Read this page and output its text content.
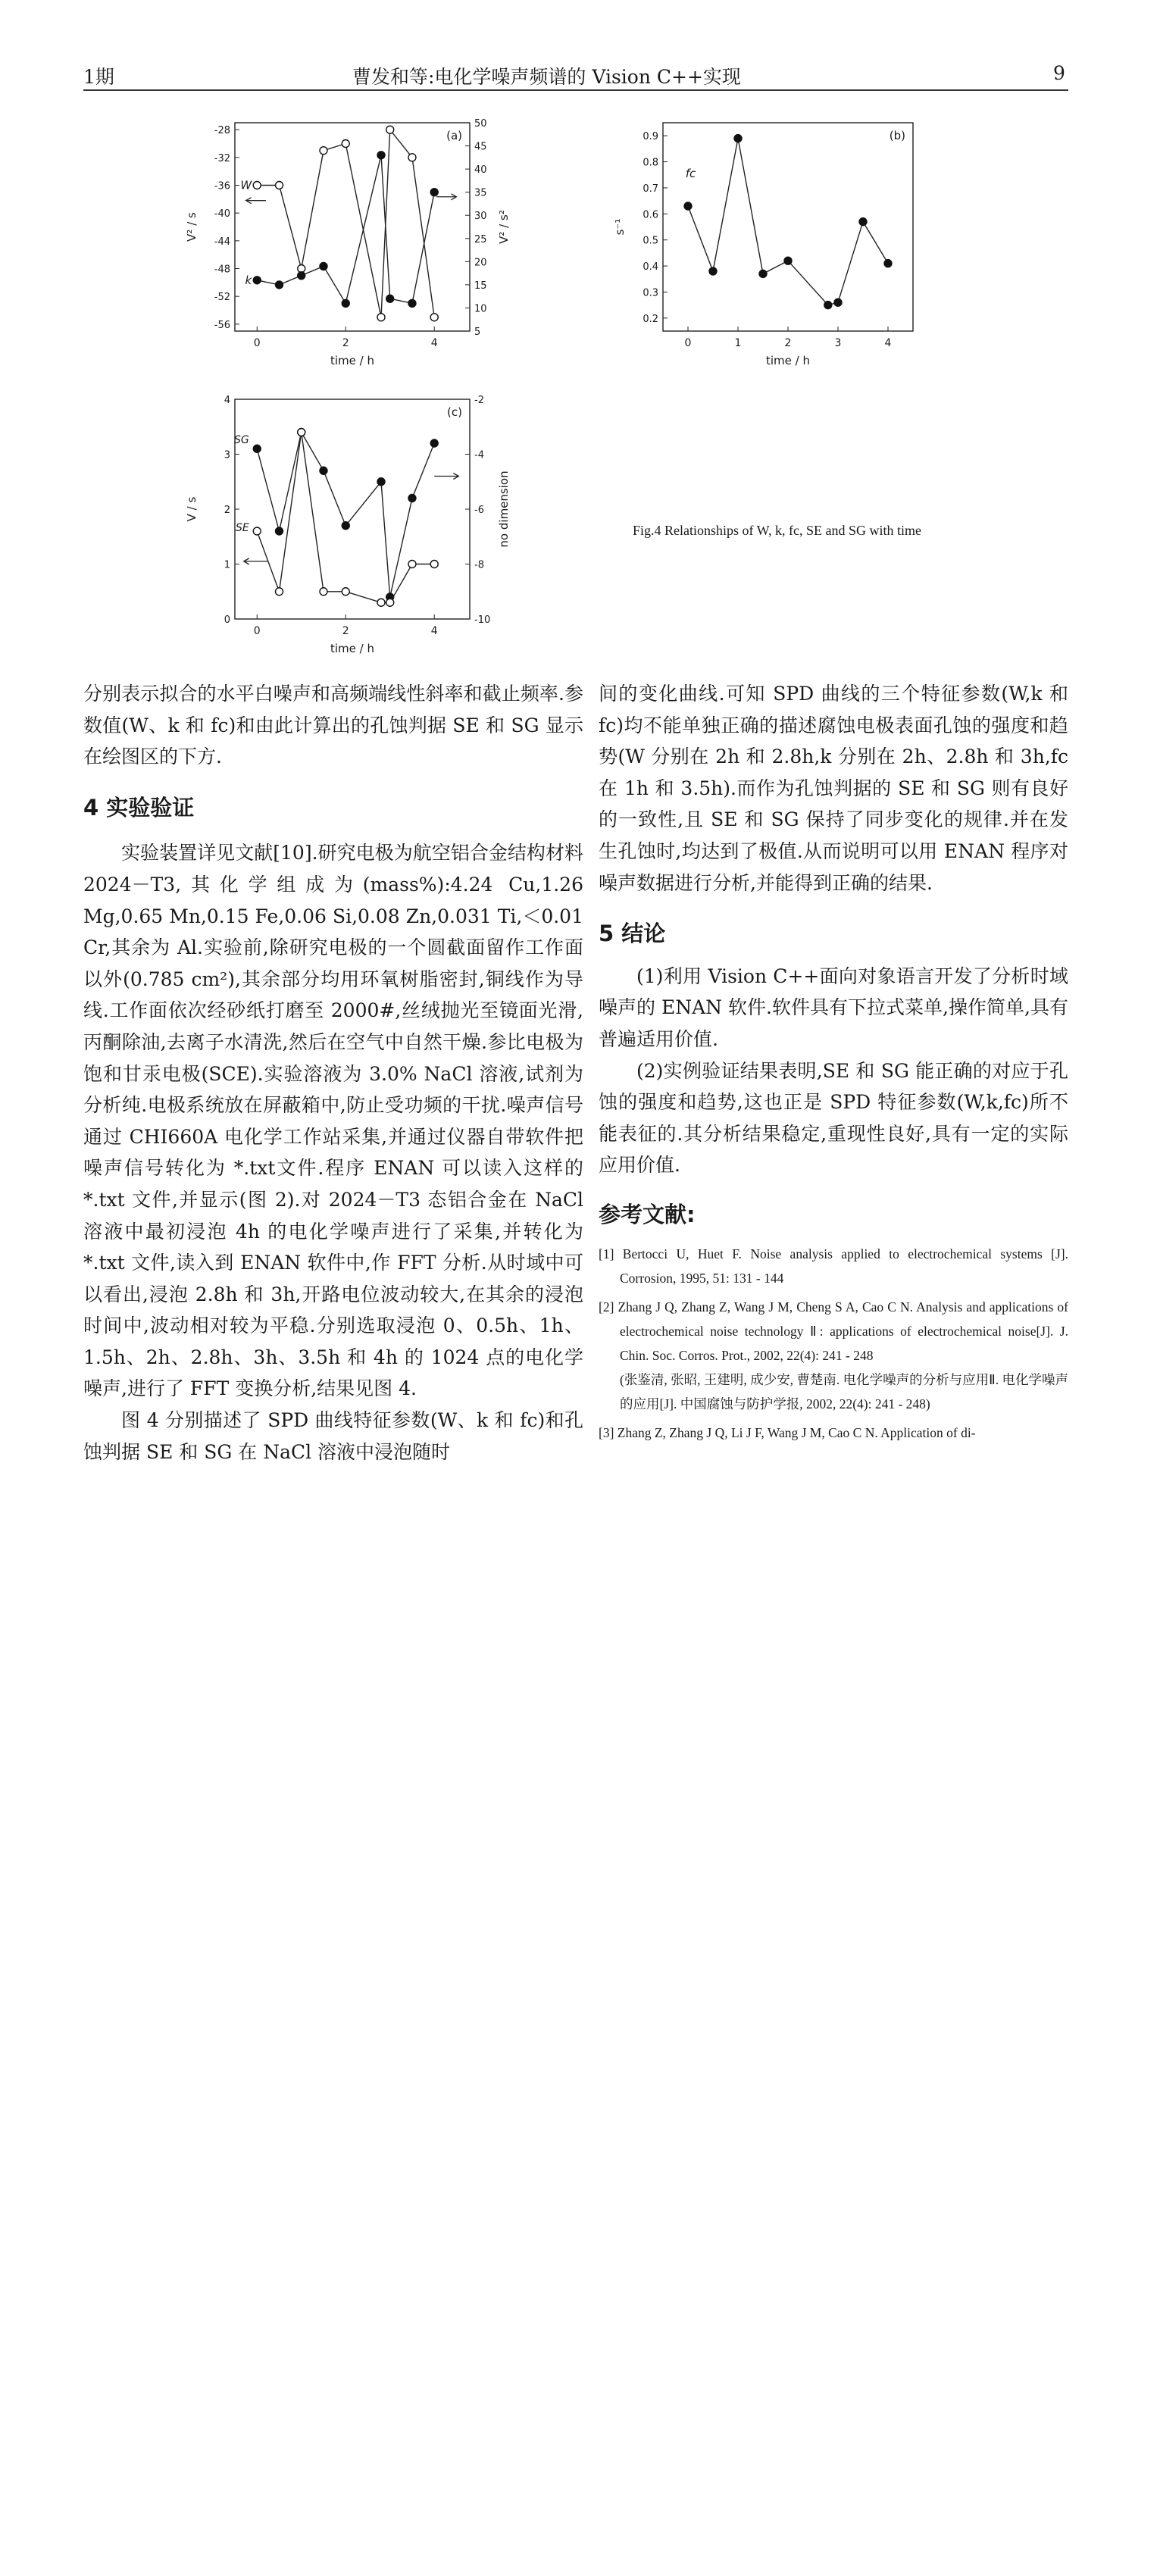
1期	曹发和等:电化学噪声频谱的 Vision C++实现	9
0	2	4
-28
-32
-36
-40
-44
-48
-52
-56
5
10
15
20
25
30
35
40
45
50
time / h
V² / s	V² / s²
(a)
W
k
0	1	2	3	4
0.2
0.3
0.4
0.5
0.6
0.7
0.8
0.9
time / h
s⁻¹
(b)
fc
0	2	4
0
1
2
3
4
-10
-8
-6
-4
-2
time / h
V / s	no dimension
(c)
SG
SE	Fig.4 Relationships of W, k, fc, SE and SG with time

分别表示拟合的水平白噪声和高频端线性斜率和截止频率.参数值(W、k 和 fc)和由此计算出的孔蚀判据 SE 和 SG 显示在绘图区的下方.

4 实验验证

实验装置详见文献[10].研究电极为航空铝合金结构材料 2024－T3,其化学组成为(mass%):4.24 Cu,1.26 Mg,0.65 Mn,0.15 Fe,0.06 Si,0.08 Zn,0.031 Ti,＜0.01 Cr,其余为 Al.实验前,除研究电极的一个圆截面留作工作面以外(0.785 cm²),其余部分均用环氧树脂密封,铜线作为导线.工作面依次经砂纸打磨至 2000#,丝绒抛光至镜面光滑,丙酮除油,去离子水清洗,然后在空气中自然干燥.参比电极为饱和甘汞电极(SCE).实验溶液为 3.0% NaCl 溶液,试剂为分析纯.电极系统放在屏蔽箱中,防止受功频的干扰.噪声信号通过 CHI660A 电化学工作站采集,并通过仪器自带软件把噪声信号转化为 *.txt文件.程序 ENAN 可以读入这样的 *.txt 文件,并显示(图 2).对 2024－T3 态铝合金在 NaCl 溶液中最初浸泡 4h 的电化学噪声进行了采集,并转化为 *.txt 文件,读入到 ENAN 软件中,作 FFT 分析.从时域中可以看出,浸泡 2.8h 和 3h,开路电位波动较大,在其余的浸泡时间中,波动相对较为平稳.分别选取浸泡 0、0.5h、1h、1.5h、2h、2.8h、3h、3.5h 和 4h 的 1024 点的电化学噪声,进行了 FFT 变换分析,结果见图 4.

图 4 分别描述了 SPD 曲线特征参数(W、k 和 fc)和孔蚀判据 SE 和 SG 在 NaCl 溶液中浸泡随时

间的变化曲线.可知 SPD 曲线的三个特征参数(W,k 和 fc)均不能单独正确的描述腐蚀电极表面孔蚀的强度和趋势(W 分别在 2h 和 2.8h,k 分别在 2h、2.8h 和 3h,fc 在 1h 和 3.5h).而作为孔蚀判据的 SE 和 SG 则有良好的一致性,且 SE 和 SG 保持了同步变化的规律.并在发生孔蚀时,均达到了极值.从而说明可以用 ENAN 程序对噪声数据进行分析,并能得到正确的结果.

5 结论

(1)利用 Vision C++面向对象语言开发了分析时域噪声的 ENAN 软件.软件具有下拉式菜单,操作简单,具有普遍适用价值.

(2)实例验证结果表明,SE 和 SG 能正确的对应于孔蚀的强度和趋势,这也正是 SPD 特征参数(W,k,fc)所不能表征的.其分析结果稳定,重现性良好,具有一定的实际应用价值.

参考文献:

[1] Bertocci U, Huet F. Noise analysis applied to electrochemical systems [J]. Corrosion, 1995, 51: 131 - 144

[2] Zhang J Q, Zhang Z, Wang J M, Cheng S A, Cao C N. Analysis and applications of electrochemical noise technology Ⅱ: applications of electrochemical noise[J]. J. Chin. Soc. Corros. Prot., 2002, 22(4): 241 - 248

(张鉴清, 张昭, 王建明, 成少安, 曹楚南. 电化学噪声的分析与应用Ⅱ. 电化学噪声的应用[J]. 中国腐蚀与防护学报, 2002, 22(4): 241 - 248)

[3] Zhang Z, Zhang J Q, Li J F, Wang J M, Cao C N. Application of di-
